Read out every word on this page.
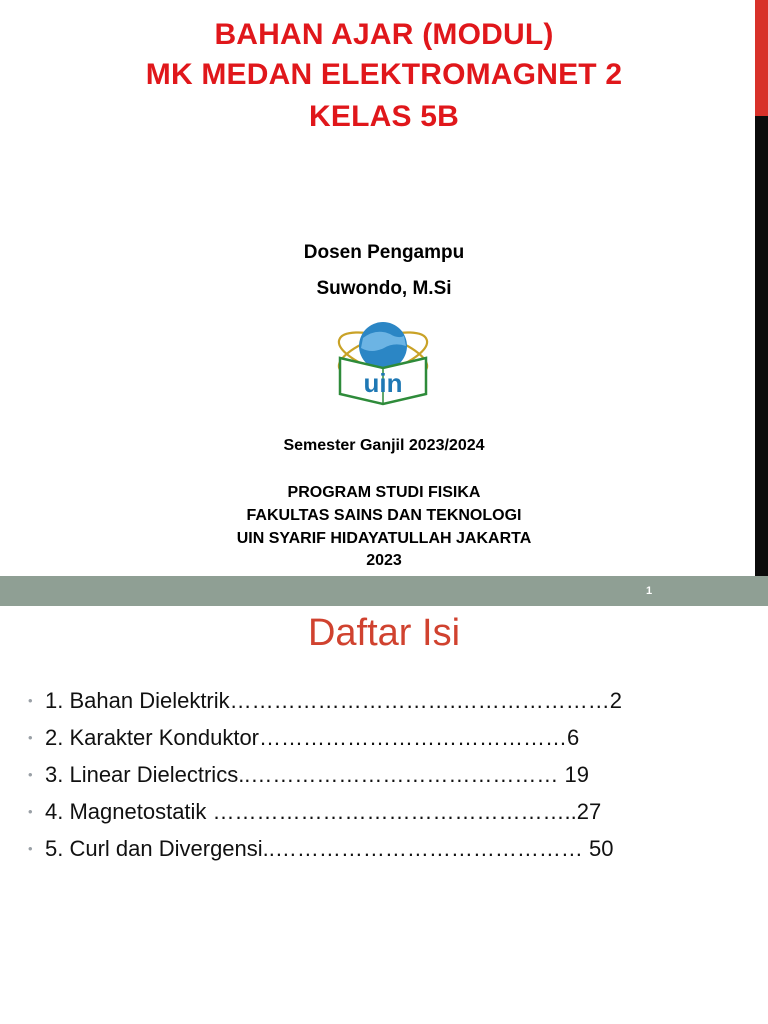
BAHAN AJAR (MODUL)
MK MEDAN ELEKTROMAGNET 2
KELAS 5B
Dosen Pengampu
Suwondo, M.Si
uin
Semester Ganjil 2023/2024
PROGRAM STUDI FISIKA
FAKULTAS SAINS DAN TEKNOLOGI
UIN SYARIF HIDAYATULLAH JAKARTA
2023
1
Daftar Isi
• 1. Bahan Dielektrik………………………….…………………2
• 2. Karakter Konduktor……………………………………6
• 3. Linear Dielectrics..…………………………………… 19
• 4. Magnetostatik …………………………………………..27
• 5. Curl dan Divergensi..…………………………………… 50
